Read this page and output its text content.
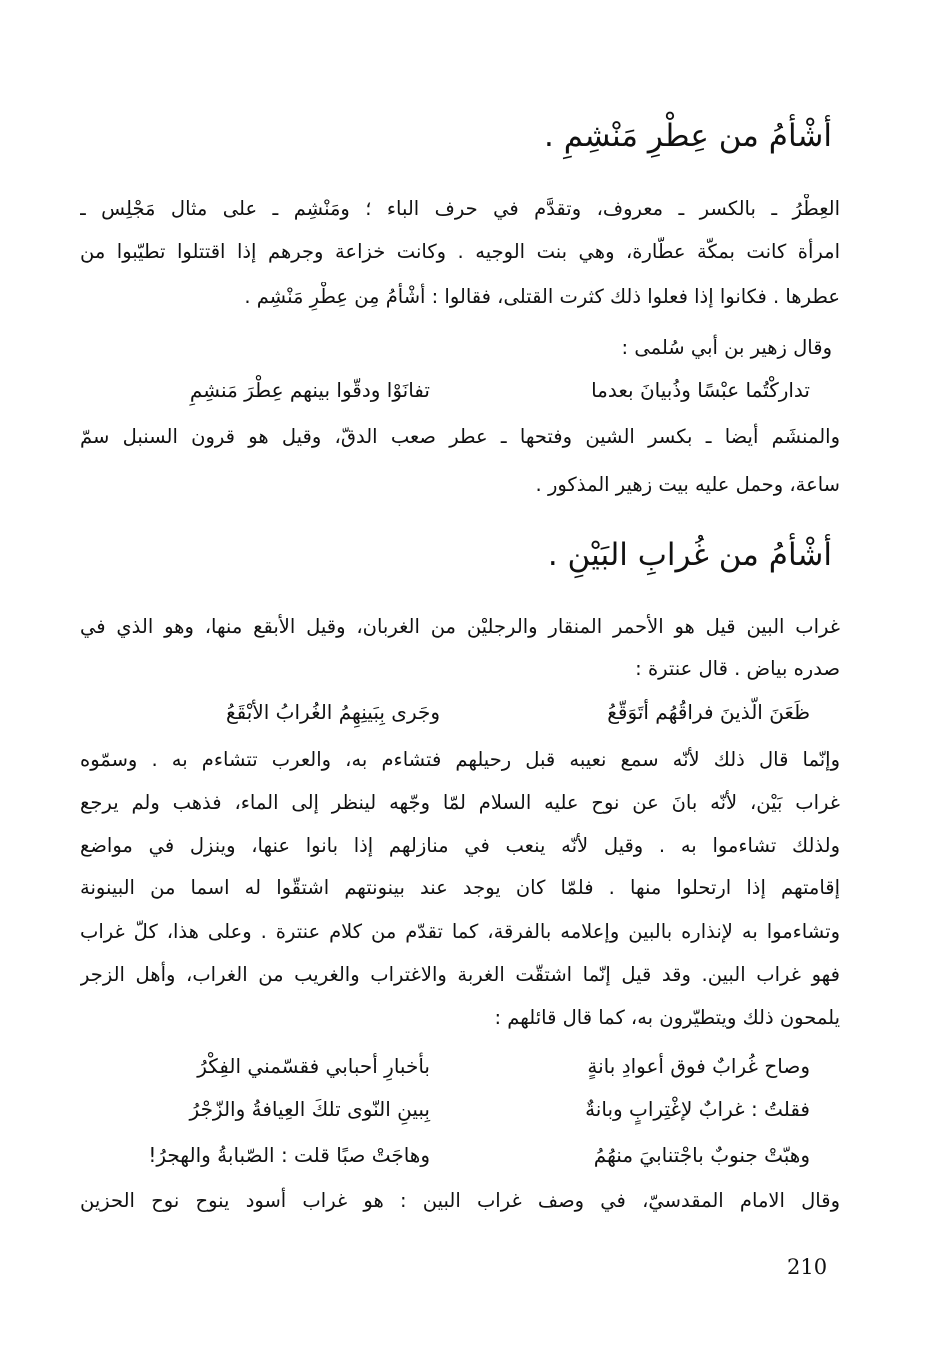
أشْأمُ من عِطْرِ مَنْشِمِ .
العِطْرُ ـ بالكسر ـ معروف، وتقدَّم في حرف الباء ؛ ومَنْشِم ـ على مثال مَجْلِس ـ
امرأة كانت بمكّة عطّارة، وهي بنت الوجيه . وكانت خزاعة وجرهم إذا اقتتلوا تطيّبوا من
عطرها . فكانوا إذا فعلوا ذلك كثرت القتلى، فقالوا : أشْأمُ مِن عِطْرِ مَنْشِم .
وقال زهير بن أبي سُلمى :
تداركْتُما عبْسًا وذُبيانَ بعدما
تفانَوْا ودقّوا بينهم عِطْرَ مَنشِمِ
والمنشَم أيضا ـ بكسر الشين وفتحها ـ عطر صعب الدقّ، وقيل هو قرون السنبل سمّ
ساعة، وحمل عليه بيت زهير المذكور .
أشْأمُ من غُرابِ البَيْنِ .
غراب البين قيل هو الأحمر المنقار والرجليْن من الغربان، وقيل الأبقع منها، وهو الذي في
صدره بياض . قال عنترة :
ظَعَنَ الّذينَ فراقُهُم أتَوَقّعُ
وجَرى بِبَينِهِمُ الغُرابُ الأبْقَعُ
وإنّما قال ذلك لأنّه سمع نعيبه قبل رحيلهم فتشاءم به، والعرب تتشاءم به . وسمّوه
غراب بَيْن، لأنّه بانَ عن نوح عليه السلام لمّا وجّهه لينظر إلى الماء، فذهب ولم يرجع
ولذلك تشاءموا به . وقيل لأنّه ينعب في منازلهم إذا بانوا عنها، وينزل في مواضع
إقامتهم إذا ارتحلوا منها . فلمّا كان يوجد عند بينونتهم اشتقّوا له اسما من البينونة
وتشاءموا به لإنذاره بالبين وإعلامه بالفرقة، كما تقدّم من كلام عنترة . وعلى هذا، كلّ غراب
فهو غراب البين. وقد قيل إنّما اشتقّت الغربة والاغتراب والغريب من الغراب، وأهل الزجر
يلمحون ذلك ويتطيّرون به، كما قال قائلهم :
وصاح غُرابٌ فوق أعوادِ بانةٍ
بأخبارِ أحبابي فقسّمني الفِكْرُ
فقلتُ : غرابٌ لإغْتِرابٍ وبانةٌ
بِبينِ النّوى تلكَ العِيافةُ والزّجْرُ
وهبّتْ جنوبٌ باجْتنابيَ منهُمُ
وهاجَتْ صبًا قلت : الصّبابةُ والهجرُ!
وقال الامام المقدسيّ، في وصف غراب البين : هو غراب أسود ينوح نوح الحزين
210
